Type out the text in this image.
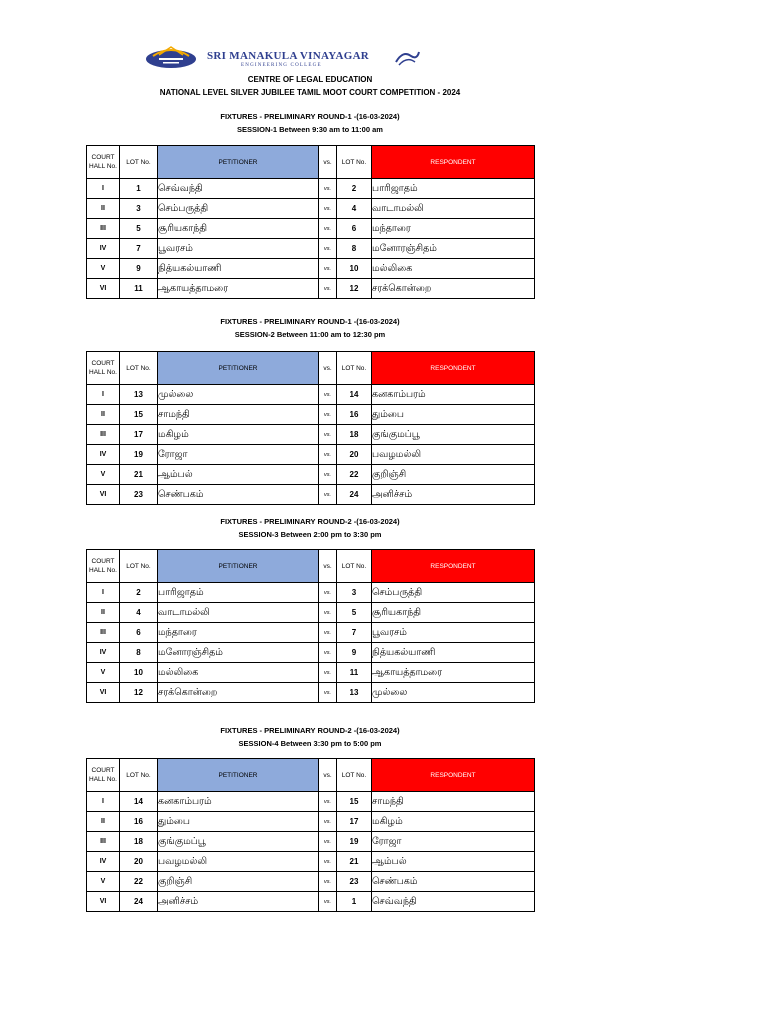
SRI MANAKULA VINAYAGAR
ENGINEERING COLLEGE
CENTRE OF LEGAL EDUCATION
NATIONAL LEVEL SILVER JUBILEE TAMIL MOOT COURT COMPETITION - 2024
FIXTURES - PRELIMINARY ROUND-1 -(16-03-2024)
SESSION-1 Between 9:30 am to 11:00 am
COURT HALL No.	LOT No.	PETITIONER	vs.	LOT No.	RESPONDENT
I	1	செவ்வந்தி	vs.	2	பாரிஜாதம்
II	3	செம்பருத்தி	vs.	4	வாடாமல்லி
III	5	சூரியகாந்தி	vs.	6	மந்தாரை
IV	7	பூவரசம்	vs.	8	மனோரஞ்சிதம்
V	9	நித்யகல்யாணி	vs.	10	மல்லிகை
VI	11	ஆகாயத்தாமரை	vs.	12	சரக்கொன்றை
FIXTURES - PRELIMINARY ROUND-1 -(16-03-2024)
SESSION-2 Between 11:00 am to 12:30 pm
COURT HALL No.	LOT No.	PETITIONER	vs.	LOT No.	RESPONDENT
I	13	முல்லை	vs.	14	கனகாம்பரம்
II	15	சாமந்தி	vs.	16	தும்பை
III	17	மகிழம்	vs.	18	குங்குமப்பூ
IV	19	ரோஜா	vs.	20	பவழமல்லி
V	21	ஆம்பல்	vs.	22	குறிஞ்சி
VI	23	செண்பகம்	vs.	24	அனிச்சம்
FIXTURES - PRELIMINARY ROUND-2 -(16-03-2024)
SESSION-3 Between 2:00 pm to 3:30 pm
COURT HALL No.	LOT No.	PETITIONER	vs.	LOT No.	RESPONDENT
I	2	பாரிஜாதம்	vs.	3	செம்பருத்தி
II	4	வாடாமல்லி	vs.	5	சூரியகாந்தி
III	6	மந்தாரை	vs.	7	பூவரசம்
IV	8	மனோரஞ்சிதம்	vs.	9	நித்யகல்யாணி
V	10	மல்லிகை	vs.	11	ஆகாயத்தாமரை
VI	12	சரக்கொன்றை	vs.	13	முல்லை
FIXTURES - PRELIMINARY ROUND-2 -(16-03-2024)
SESSION-4 Between 3:30 pm to 5:00 pm
COURT HALL No.	LOT No.	PETITIONER	vs.	LOT No.	RESPONDENT
I	14	கனகாம்பரம்	vs.	15	சாமந்தி
II	16	தும்பை	vs.	17	மகிழம்
III	18	குங்குமப்பூ	vs.	19	ரோஜா
IV	20	பவழமல்லி	vs.	21	ஆம்பல்
V	22	குறிஞ்சி	vs.	23	செண்பகம்
VI	24	அனிச்சம்	vs.	1	செவ்வந்தி
